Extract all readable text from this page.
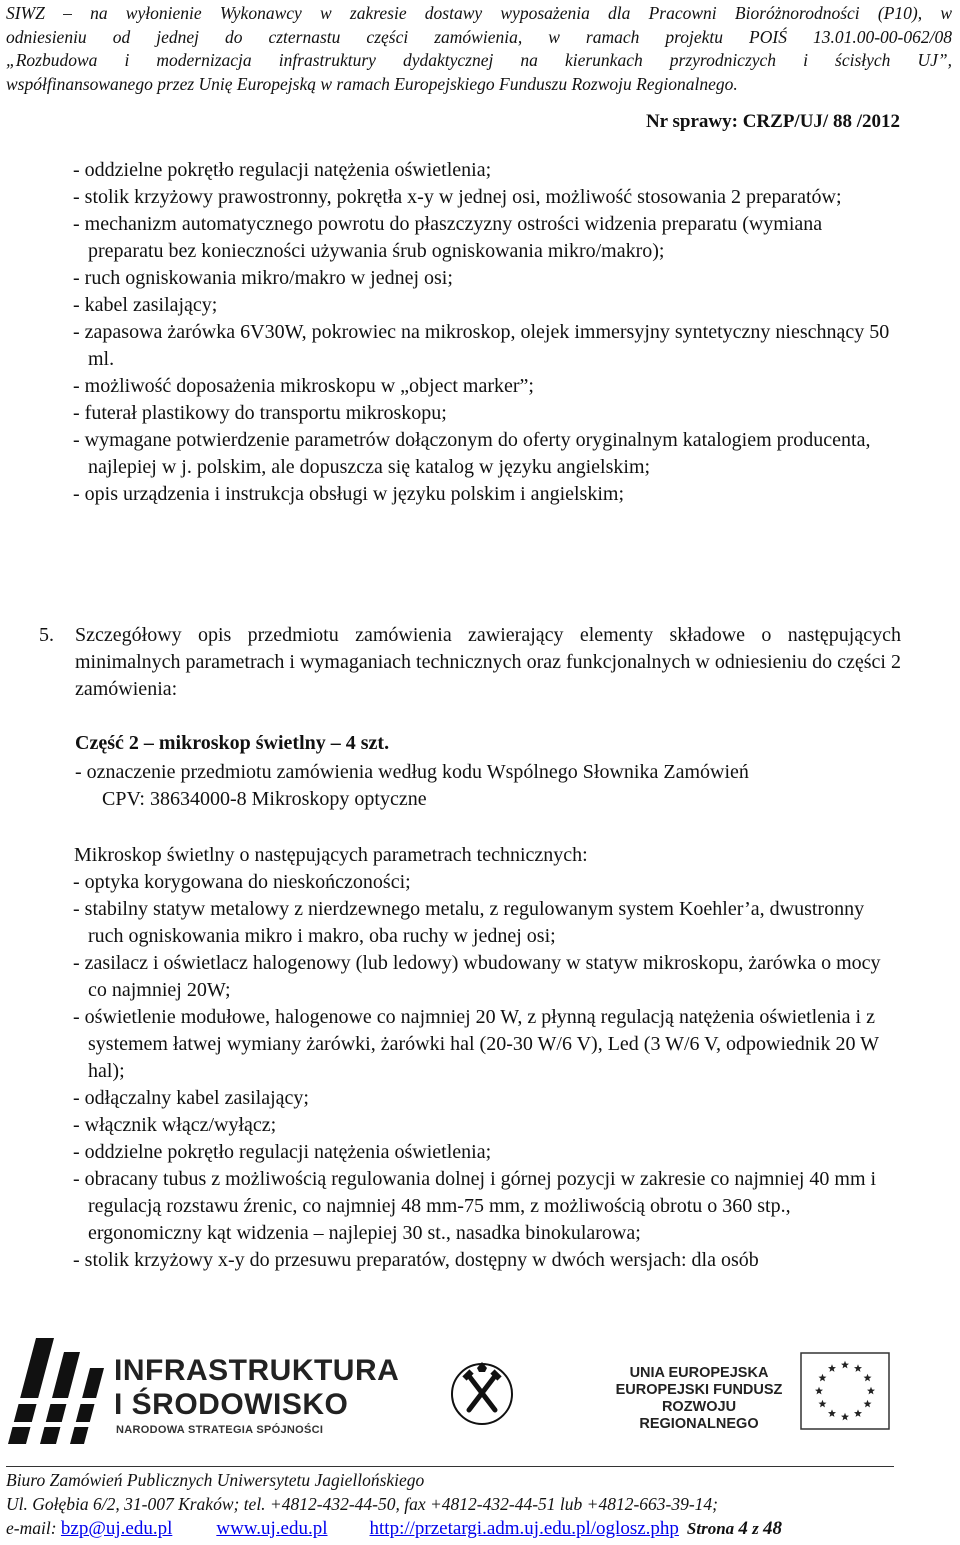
SIWZ – na wyłonienie Wykonawcy w zakresie dostawy wyposażenia dla Pracowni Bioróżnorodności (P10), w
odniesieniu od jednej do czternastu części zamówienia, w ramach projektu POIŚ 13.01.00-00-062/08
„Rozbudowa i modernizacja infrastruktury dydaktycznej na kierunkach przyrodniczych i ścisłych UJ”,
współfinansowanego przez Unię Europejską w ramach Europejskiego Funduszu Rozwoju Regionalnego.
Nr sprawy: CRZP/UJ/ 88 /2012
- oddzielne pokrętło regulacji natężenia oświetlenia;
- stolik krzyżowy prawostronny, pokrętła x-y w jednej osi, możliwość stosowania 2 preparatów;
- mechanizm automatycznego powrotu do płaszczyzny ostrości widzenia preparatu (wymiana preparatu bez konieczności używania śrub ogniskowania mikro/makro);
- ruch ogniskowania mikro/makro w jednej osi;
- kabel zasilający;
- zapasowa żarówka 6V30W, pokrowiec na mikroskop, olejek immersyjny syntetyczny nieschnący 50 ml.
- możliwość doposażenia mikroskopu w „object marker”;
- futerał plastikowy do transportu mikroskopu;
- wymagane potwierdzenie parametrów dołączonym do oferty oryginalnym katalogiem producenta, najlepiej w j. polskim, ale dopuszcza się katalog w języku angielskim;
- opis urządzenia i instrukcja obsługi w języku polskim i angielskim;
5. Szczegółowy opis przedmiotu zamówienia zawierający elementy składowe o następujących minimalnych parametrach i wymaganiach technicznych oraz funkcjonalnych w odniesieniu do części 2 zamówienia:
Część 2 – mikroskop świetlny – 4 szt.
- oznaczenie przedmiotu zamówienia według kodu Wspólnego Słownika Zamówień
CPV: 38634000-8 Mikroskopy optyczne
Mikroskop świetlny o następujących parametrach technicznych:
- optyka korygowana do nieskończoności;
- stabilny statyw metalowy z nierdzewnego metalu, z regulowanym system Koehler’a, dwustronny ruch ogniskowania mikro i makro, oba ruchy w jednej osi;
- zasilacz i oświetlacz halogenowy (lub ledowy) wbudowany w statyw mikroskopu, żarówka o mocy co najmniej 20W;
- oświetlenie modułowe, halogenowe co najmniej 20 W, z płynną regulacją natężenia oświetlenia i z systemem łatwej wymiany żarówki, żarówki hal (20-30 W/6 V), Led (3 W/6 V, odpowiednik 20 W hal);
- odłączalny kabel zasilający;
- włącznik włącz/wyłącz;
- oddzielne pokrętło regulacji natężenia oświetlenia;
- obracany tubus z możliwością regulowania dolnej i górnej pozycji w zakresie co najmniej 40 mm i regulacją rozstawu źrenic, co najmniej 48 mm-75 mm, z możliwością obrotu o 360 stp., ergonomiczny kąt widzenia – najlepiej 30 st., nasadka binokularowa;
- stolik krzyżowy x-y do przesuwu preparatów, dostępny w dwóch wersjach: dla osób
INFRASTRUKTURA
I ŚRODOWISKO
NARODOWA STRATEGIA SPÓJNOŚCI
UNIA EUROPEJSKA
EUROPEJSKI FUNDUSZ
ROZWOJU REGIONALNEGO
Biuro Zamówień Publicznych Uniwersytetu Jagiellońskiego
Ul. Gołębia 6/2, 31-007 Kraków; tel. +4812-432-44-50, fax +4812-432-44-51 lub +4812-663-39-14;
e-mail: bzp@uj.edu.pl www.uj.edu.pl http://przetargi.adm.uj.edu.pl/oglosz.php Strona 4 z 48
